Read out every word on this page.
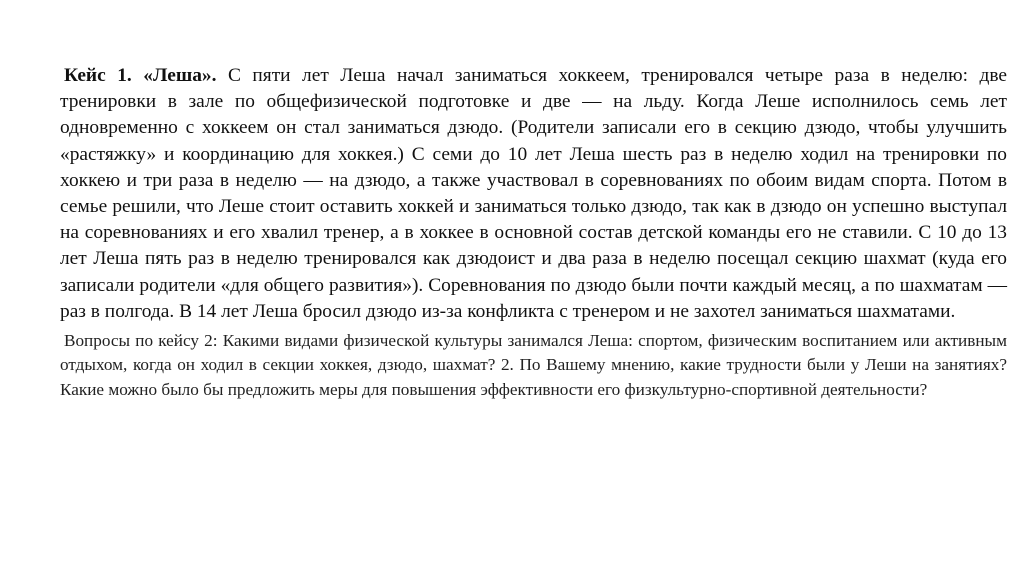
Кейс 1. «Леша». С пяти лет Леша начал заниматься хоккеем, тренировался четыре раза в неделю: две тренировки в зале по общефизической подготовке и две — на льду. Когда Леше исполнилось семь лет одновременно с хоккеем он стал заниматься дзюдо. (Родители записали его в секцию дзюдо, чтобы улучшить «растяжку» и координацию для хоккея.) С семи до 10 лет Леша шесть раз в неделю ходил на тренировки по хоккею и три раза в неделю — на дзюдо, а также участвовал в соревнованиях по обоим видам спорта. Потом в семье решили, что Леше стоит оставить хоккей и заниматься только дзюдо, так как в дзюдо он успешно выступал на соревнованиях и его хвалил тренер, а в хоккее в основной состав детской команды его не ставили. С 10 до 13 лет Леша пять раз в неделю тренировался как дзюдоист и два раза в неделю посещал секцию шахмат (куда его записали родители «для общего развития»). Соревнования по дзюдо были почти каждый месяц, а по шахматам — раз в полгода. В 14 лет Леша бросил дзюдо из-за конфликта с тренером и не захотел заниматься шахматами.

Вопросы по кейсу 2: Какими видами физической культуры занимался Леша: спортом, физическим воспитанием или активным отдыхом, когда он ходил в секции хоккея, дзюдо, шахмат? 2. По Вашему мнению, какие трудности были у Леши на занятиях? Какие можно было бы предложить меры для повышения эффективности его физкультурно-спортивной деятельности?
